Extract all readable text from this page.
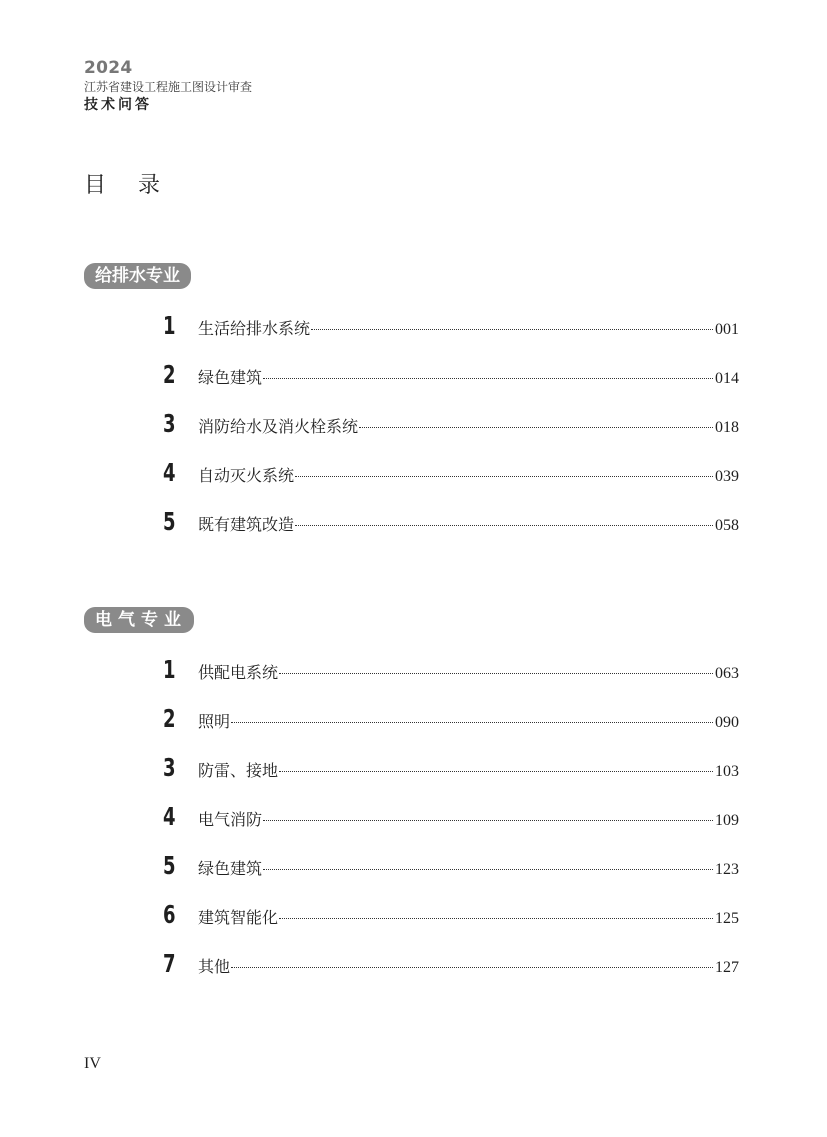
2024
江苏省建设工程施工图设计审查
技术问答
目录
给排水专业
1	生活给排水系统	001
2	绿色建筑	014
3	消防给水及消火栓系统	018
4	自动灭火系统	039
5	既有建筑改造	058
电气专业
1	供配电系统	063
2	照明	090
3	防雷、接地	103
4	电气消防	109
5	绿色建筑	123
6	建筑智能化	125
7	其他	127
IV
